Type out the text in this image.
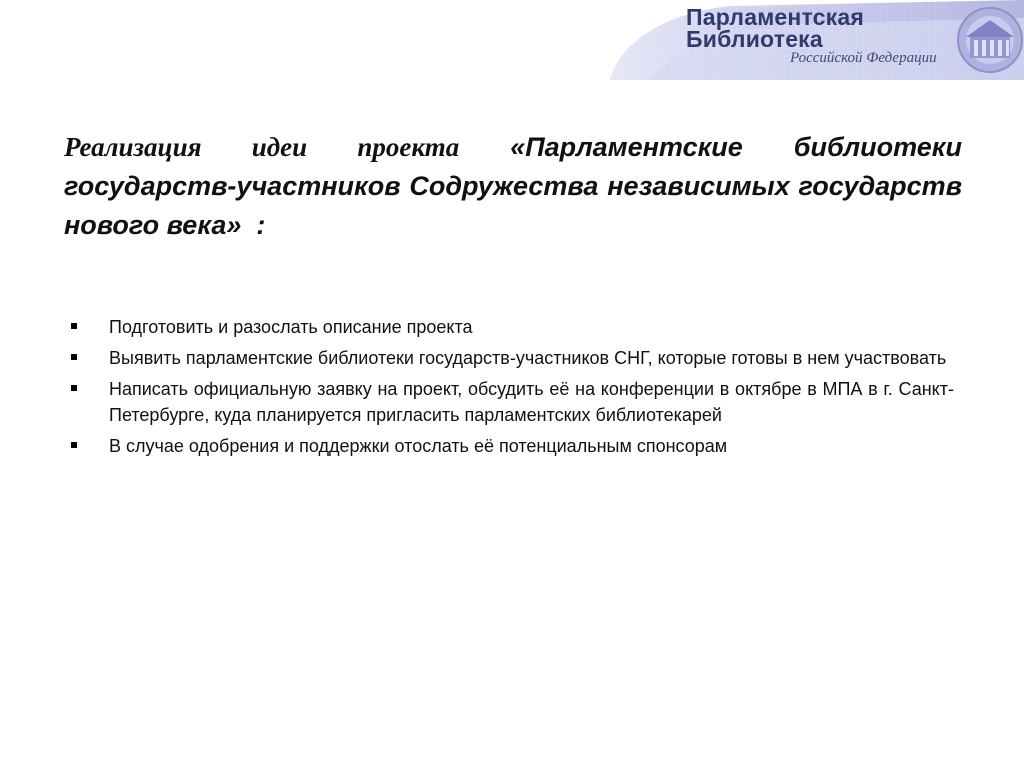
Парламентская
Библиотека
Российской Федерации
Реализация идеи проекта «Парламентские библиотеки государств-участников Содружества независимых государств нового века»  :
Подготовить и разослать описание проекта
Выявить парламентские библиотеки государств-участников СНГ, которые готовы в нем участвовать
Написать официальную заявку на проект, обсудить её на конференции в октябре в МПА в г. Санкт-Петербурге, куда планируется пригласить парламентских библиотекарей
В случае одобрения и поддержки отослать её потенциальным спонсорам
